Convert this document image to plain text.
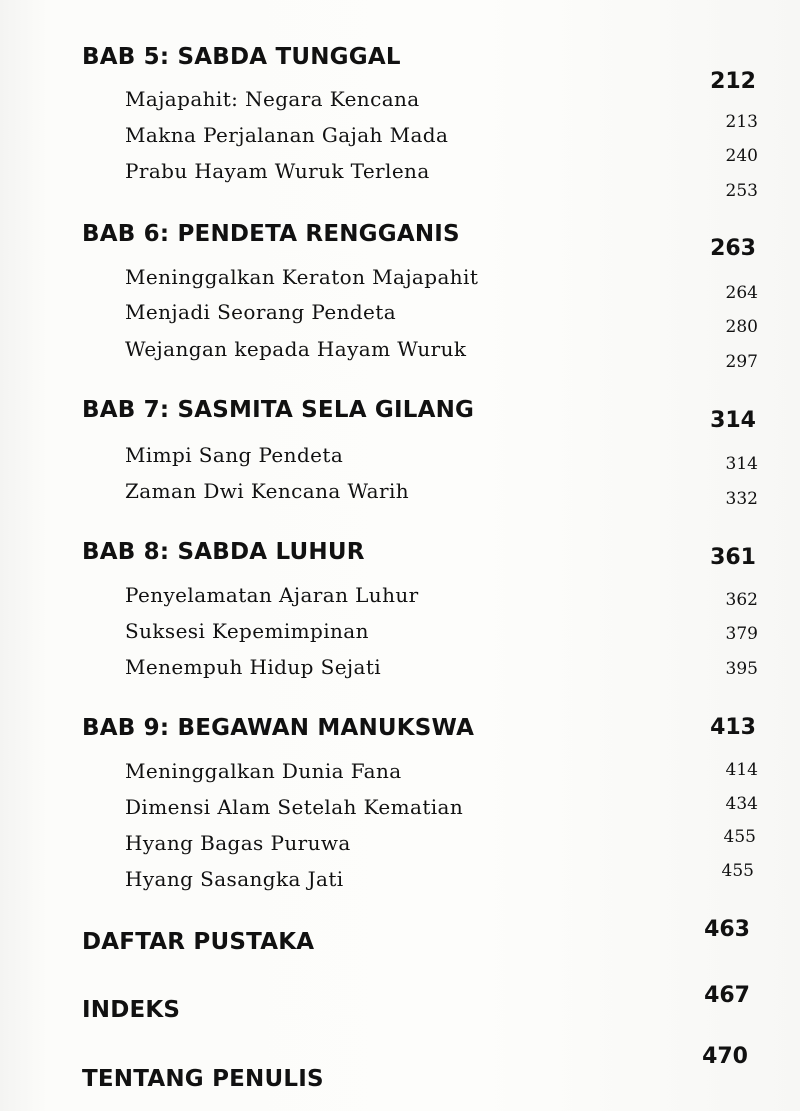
BAB 5: SABDA TUNGGAL
212
Majapahit: Negara Kencana
213
Makna Perjalanan Gajah Mada
240
Prabu Hayam Wuruk Terlena
253
BAB 6: PENDETA RENGGANIS
263
Meninggalkan Keraton Majapahit
264
Menjadi Seorang Pendeta
280
Wejangan kepada Hayam Wuruk
297
BAB 7: SASMITA SELA GILANG	314
Mimpi Sang Pendeta	314
Zaman Dwi Kencana Warih	332
BAB 8: SABDA LUHUR	361
Penyelamatan Ajaran Luhur	362
Suksesi Kepemimpinan	379
Menempuh Hidup Sejati	395
BAB 9: BEGAWAN MANUKSWA	413
Meninggalkan Dunia Fana	414
Dimensi Alam Setelah Kematian	434
Hyang Bagas Puruwa	455
Hyang Sasangka Jati	455
DAFTAR PUSTAKA	463
INDEKS
467
TENTANG PENULIS
470
